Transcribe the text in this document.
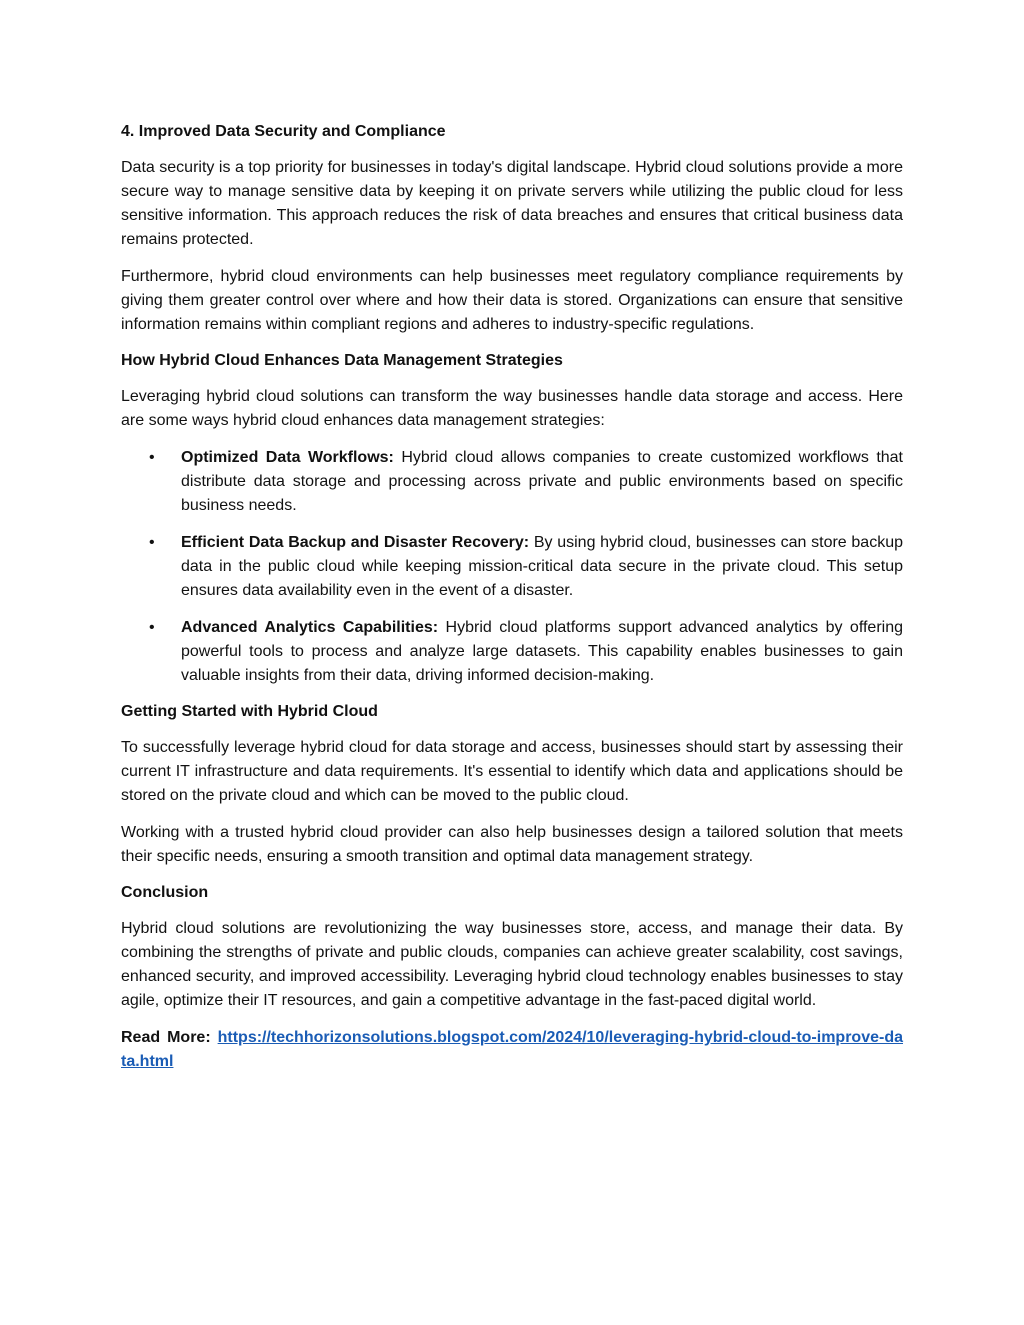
4. Improved Data Security and Compliance

Data security is a top priority for businesses in today's digital landscape. Hybrid cloud solutions provide a more secure way to manage sensitive data by keeping it on private servers while utilizing the public cloud for less sensitive information. This approach reduces the risk of data breaches and ensures that critical business data remains protected.

Furthermore, hybrid cloud environments can help businesses meet regulatory compliance requirements by giving them greater control over where and how their data is stored. Organizations can ensure that sensitive information remains within compliant regions and adheres to industry-specific regulations.

How Hybrid Cloud Enhances Data Management Strategies

Leveraging hybrid cloud solutions can transform the way businesses handle data storage and access. Here are some ways hybrid cloud enhances data management strategies:

• Optimized Data Workflows: Hybrid cloud allows companies to create customized workflows that distribute data storage and processing across private and public environments based on specific business needs.
• Efficient Data Backup and Disaster Recovery: By using hybrid cloud, businesses can store backup data in the public cloud while keeping mission-critical data secure in the private cloud. This setup ensures data availability even in the event of a disaster.
• Advanced Analytics Capabilities: Hybrid cloud platforms support advanced analytics by offering powerful tools to process and analyze large datasets. This capability enables businesses to gain valuable insights from their data, driving informed decision-making.
Getting Started with Hybrid Cloud

To successfully leverage hybrid cloud for data storage and access, businesses should start by assessing their current IT infrastructure and data requirements. It's essential to identify which data and applications should be stored on the private cloud and which can be moved to the public cloud.

Working with a trusted hybrid cloud provider can also help businesses design a tailored solution that meets their specific needs, ensuring a smooth transition and optimal data management strategy.

Conclusion

Hybrid cloud solutions are revolutionizing the way businesses store, access, and manage their data. By combining the strengths of private and public clouds, companies can achieve greater scalability, cost savings, enhanced security, and improved accessibility. Leveraging hybrid cloud technology enables businesses to stay agile, optimize their IT resources, and gain a competitive advantage in the fast-paced digital world.

Read More: https://techhorizonsolutions.blogspot.com/2024/10/leveraging-hybrid-cloud-to-improve-data.html
